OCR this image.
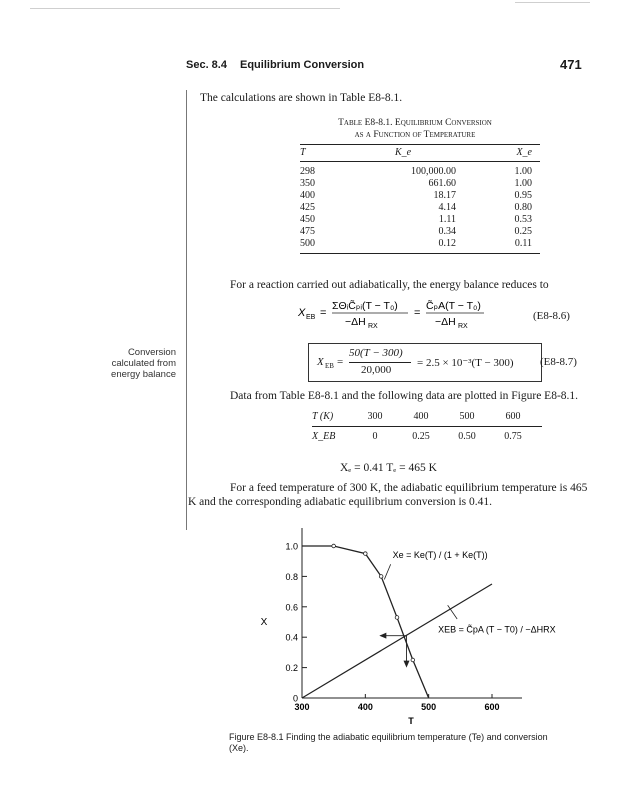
Sec. 8.4 Equilibrium Conversion	471
The calculations are shown in Table E8-8.1.
Table E8-8.1. Equilibrium Conversion
as a Function of Temperature
T	K_e	X_e
298	100,000.00	1.00
350	661.60	1.00
400	18.17	0.95
425	4.14	0.80
450	1.11	0.53
475	0.34	0.25
500	0.12	0.11
For a reaction carried out adiabatically, the energy balance reduces to
X EB =
ΣΘᵢC̃ₚᵢ(T − T₀)
−ΔH RX
=
C̃ₚA(T − T₀)
−ΔH RX
(E8-8.6)
Conversion calculated from energy balance
X EB =
50(T − 300)
20,000
= 2.5 × 10⁻³(T − 300) (E8-8.7)
Data from Table E8-8.1 and the following data are plotted in Figure E8-8.1.
T (K)	300	400	500	600
X_EB	0	0.25	0.50	0.75
Xₑ = 0.41 Tₑ = 465 K
For a feed temperature of 300 K, the adiabatic equilibrium temperature is 465 K and the corresponding adiabatic equilibrium conversion is 0.41.
0
0.2
0.4
0.6
0.8
1.0
300	400	500	600
T
X
Xe = Ke(T) / (1 + Ke(T))
XEB = C̃pA (T − T0) / −ΔHRX
Figure E8-8.1 Finding the adiabatic equilibrium temperature (Te) and conversion (Xe).
